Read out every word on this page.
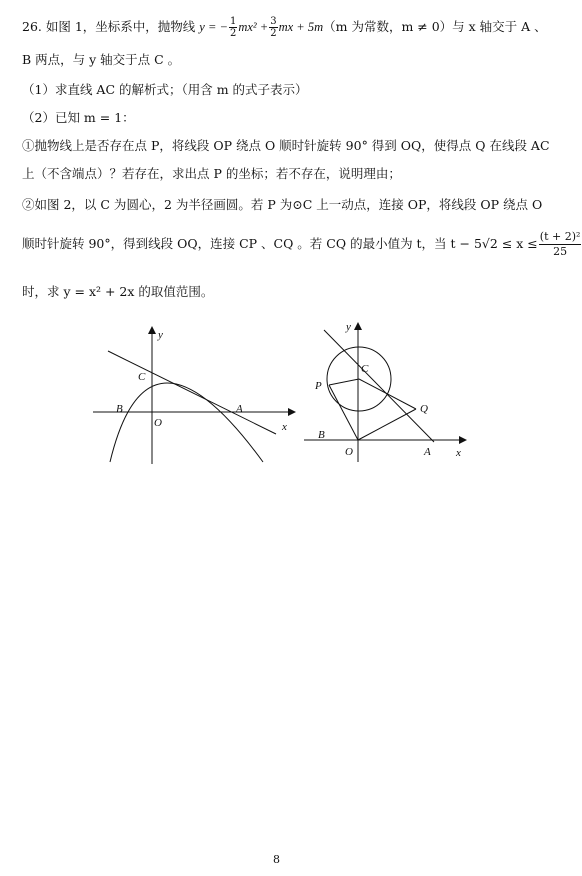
26. 如图 1，坐标系中，抛物线 y = − $\frac{1}{2} mx^2 + \frac{3}{2}$ mx + 5m（m 为常数，m ≠ 0）与 x 轴交于 A 、
B 两点，与 y 轴交于点 C 。
（1）求直线 AC 的解析式；（用含 m 的式子表示）
（2）已知 m = 1：
①抛物线上是否存在点 P，将线段 OP 绕点 O 顺时针旋转 90° 得到 OQ，使得点 Q 在线段 AC
上（不含端点）？若存在，求出点 P 的坐标；若不存在，说明理由；
②如图 2，以 C 为圆心，2 为半径画圆。若 P 为⊙C 上一动点，连接 OP，将线段 OP 绕点 O
顺时针旋转 90°，得到线段 OQ，连接 CP 、CQ 。若 CQ 的最小值为 t，当 $t - 5√2 \le x \le \frac{\text{(t + 2)²}}{25}$
时，求 y = x² + 2x 的取值范围。
y
x
C
B
O
A
y
x
C
P
Q
B
O	A
8
